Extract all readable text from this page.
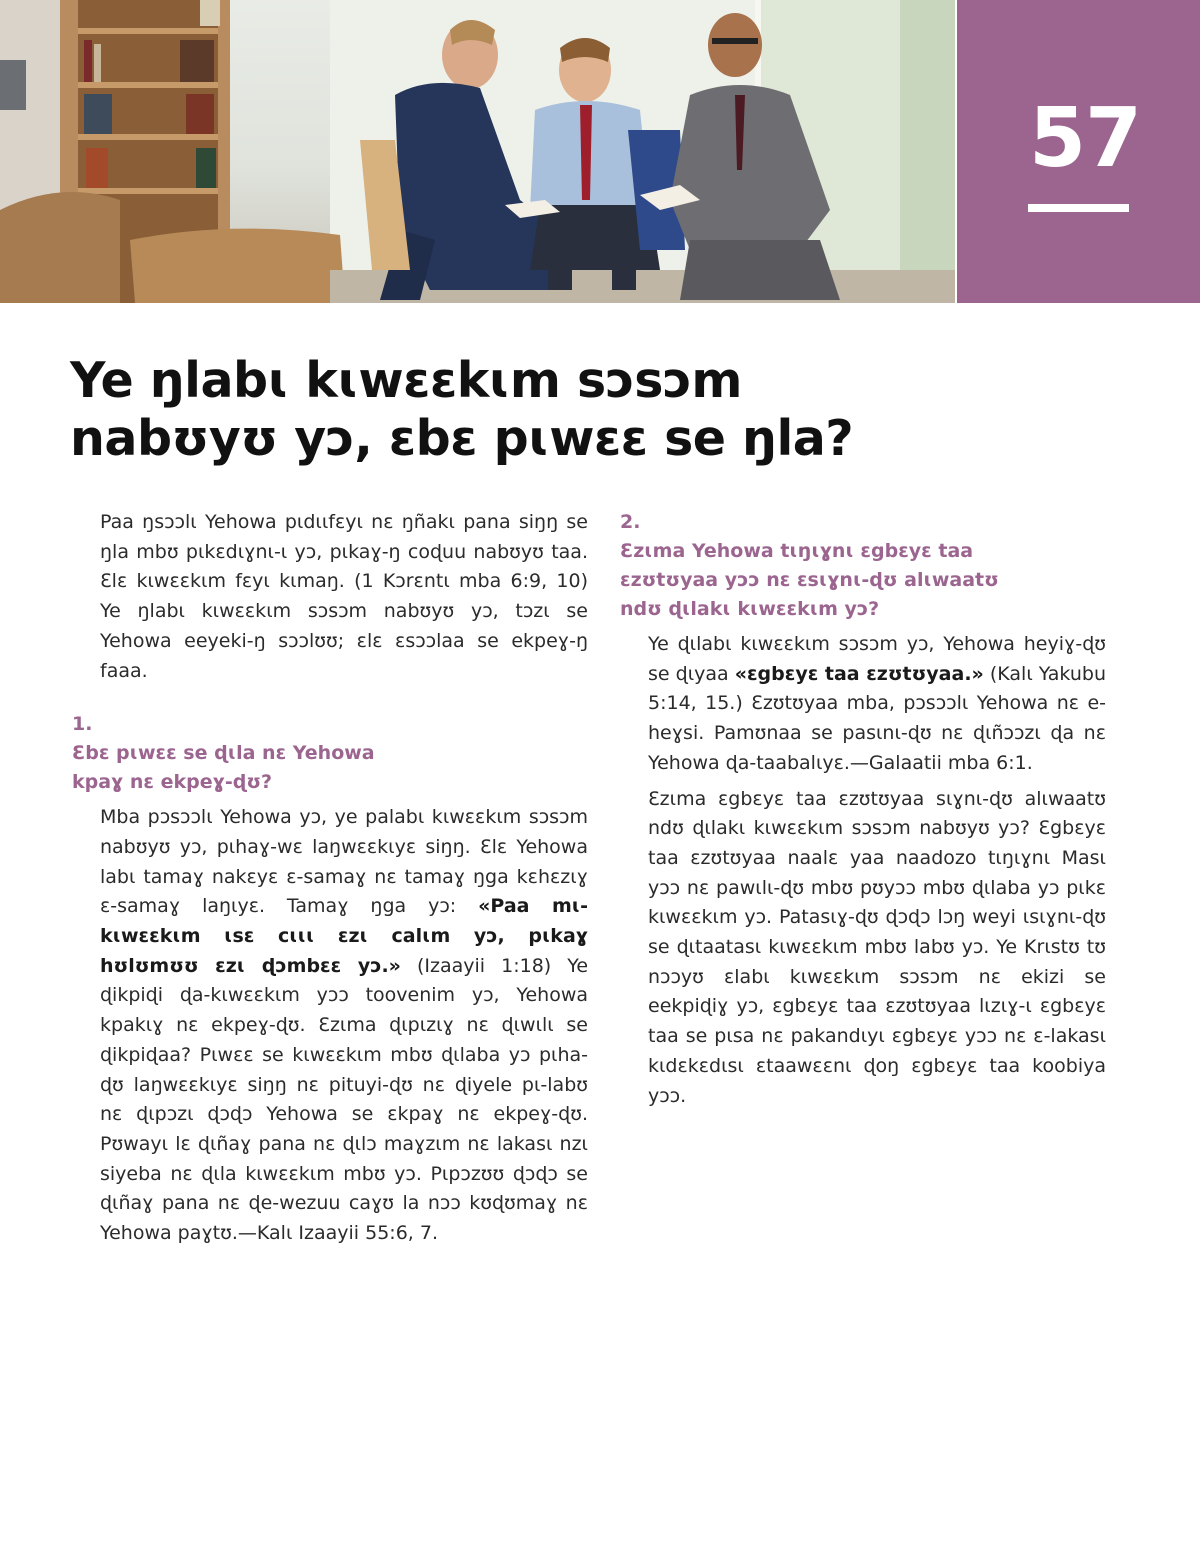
57
Ye ŋlabɩ kɩwɛɛkɩm sɔsɔm
nabʊyʊ yɔ, ɛbɛ pɩwɛɛ se ŋla?

Paa ŋsɔɔlɩ Yehowa pɩdɩɩfɛyɩ nɛ ŋñakɩ pana siŋŋ se ŋla mbʊ pɩkɛdɩɣnɩ-ɩ yɔ, pɩkaɣ-ŋ coɖuu nabʊyʊ taa. Ɛlɛ kɩwɛɛkɩm fɛyɩ kɩmaŋ. (1 Kɔrɛntɩ mba 6:9, 10) Ye ŋlabɩ kɩwɛɛkɩm sɔsɔm nabʊyʊ yɔ, tɔzɩ se Yehowa eeyeki-ŋ sɔɔlʊʊ; ɛlɛ ɛsɔɔlaa se ekpeɣ-ŋ faaa.

1.
Ɛbɛ pɩwɛɛ se ɖɩla nɛ Yehowa
kpaɣ nɛ ekpeɣ-ɖʊ?

Mba pɔsɔɔlɩ Yehowa yɔ, ye palabɩ kɩwɛɛkɩm sɔsɔm nabʊyʊ yɔ, pɩhaɣ-wɛ laŋwɛɛkɩyɛ siŋŋ. Ɛlɛ Yehowa labɩ tamaɣ nakɛyɛ ɛ-samaɣ nɛ tamaɣ ŋga kɛhɛzɩɣ ɛ-samaɣ laŋɩyɛ. Tamaɣ ŋga yɔ: «Paa mɩ-kɩwɛɛkɩm ɩsɛ cɩɩɩ ɛzɩ calɩm yɔ, pɩkaɣ hʊlʊmʊʊ ɛzɩ ɖɔmbɛɛ yɔ.» (Izaayii 1:18) Ye ɖikpiɖi ɖa-kɩwɛɛkɩm yɔɔ toovenim yɔ, Yehowa kpakɩɣ nɛ ekpeɣ-ɖʊ. Ɛzɩma ɖɩpɩzɩɣ nɛ ɖɩwɩlɩ se ɖikpiɖaa? Pɩwɛɛ se kɩwɛɛkɩm mbʊ ɖɩlaba yɔ pɩha-ɖʊ laŋwɛɛkɩyɛ siŋŋ nɛ pituyi-ɖʊ nɛ ɖiyele pɩ-labʊ nɛ ɖɩpɔzɩ ɖɔɖɔ Yehowa se ɛkpaɣ nɛ ekpeɣ-ɖʊ. Pʊwayɩ lɛ ɖɩñaɣ pana nɛ ɖɩlɔ maɣzɩm nɛ lakasɩ nzɩ siyeba nɛ ɖɩla kɩwɛɛkɩm mbʊ yɔ. Pɩpɔzʊʊ ɖɔɖɔ se ɖɩñaɣ pana nɛ ɖe-wezuu caɣʊ la nɔɔ kʊɖʊmaɣ nɛ Yehowa paɣtʊ.—Kalɩ Izaayii 55:6, 7.

2.
Ɛzɩma Yehowa tɩŋɩɣnɩ ɛgbɛyɛ taa
ɛzʊtʊyaa yɔɔ nɛ ɛsɩɣnɩ-ɖʊ alɩwaatʊ
ndʊ ɖɩlakɩ kɩwɛɛkɩm yɔ?

Ye ɖɩlabɩ kɩwɛɛkɩm sɔsɔm yɔ, Yehowa heyiɣ-ɖʊ se ɖɩyaa «ɛgbɛyɛ taa ɛzʊtʊyaa.» (Kalɩ Yakubu 5:14, 15.) Ɛzʊtʊyaa mba, pɔsɔɔlɩ Yehowa nɛ e-heɣsi. Pamʊnaa se pasɩnɩ-ɖʊ nɛ ɖɩñɔɔzɩ ɖa nɛ Yehowa ɖa-taabalɩyɛ.—Galaatii mba 6:1.

Ɛzɩma ɛgbɛyɛ taa ɛzʊtʊyaa sɩɣnɩ-ɖʊ alɩwaatʊ ndʊ ɖɩlakɩ kɩwɛɛkɩm sɔsɔm nabʊyʊ yɔ? Ɛgbɛyɛ taa ɛzʊtʊyaa naalɛ yaa naadozo tɩŋɩɣnɩ Masɩ yɔɔ nɛ pawɩlɩ-ɖʊ mbʊ pʊyɔɔ mbʊ ɖɩlaba yɔ pɩkɛ kɩwɛɛkɩm yɔ. Patasɩɣ-ɖʊ ɖɔɖɔ lɔŋ weyi ɩsɩɣnɩ-ɖʊ se ɖɩtaatasɩ kɩwɛɛkɩm mbʊ labʊ yɔ. Ye Krɩstʊ tʊ nɔɔyʊ ɛlabɩ kɩwɛɛkɩm sɔsɔm nɛ ekizi se eekpiɖiɣ yɔ, ɛgbɛyɛ taa ɛzʊtʊyaa lɩzɩɣ-ɩ ɛgbɛyɛ taa se pɩsa nɛ pakandɩyɩ ɛgbɛyɛ yɔɔ nɛ ɛ-lakasɩ kɩdɛkɛdɩsɩ ɛtaawɛɛnɩ ɖoŋ ɛgbɛyɛ taa koobiya yɔɔ.
